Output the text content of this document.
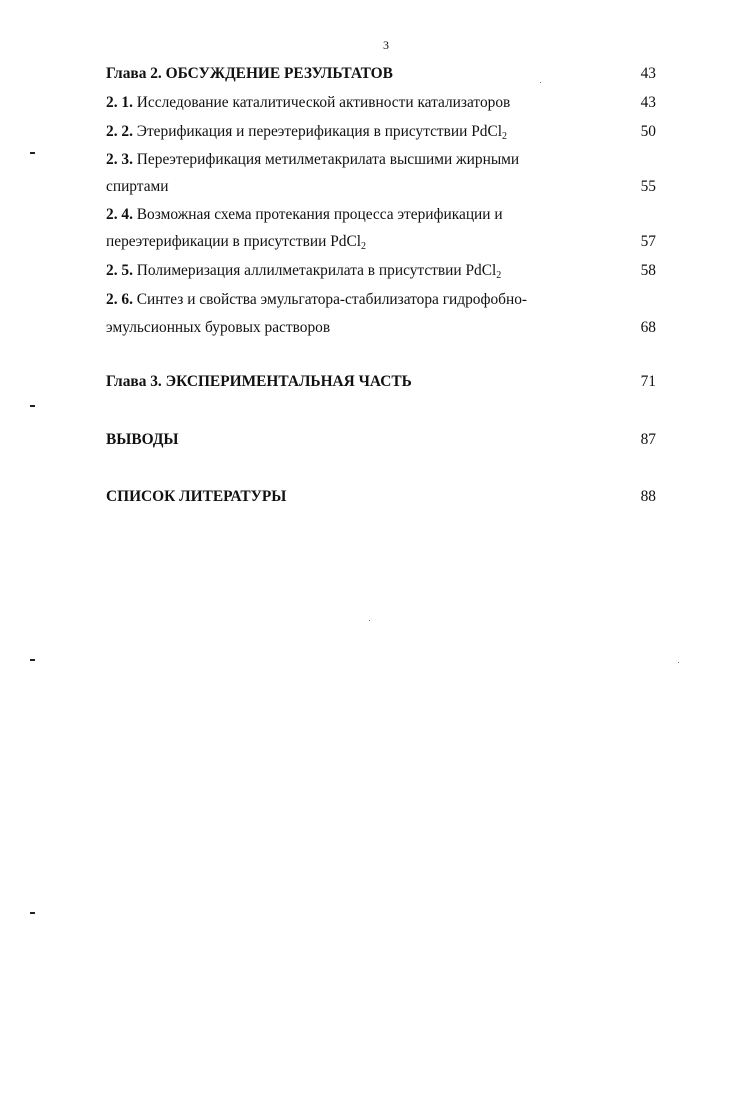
3
Глава 2. ОБСУЖДЕНИЕ РЕЗУЛЬТАТОВ	43
2. 1. Исследование каталитической активности катализаторов	43
2. 2. Этерификация и переэтерификация в присутствии PdCl$_2$	50
2. 3. Переэтерификация метилметакрилата высшими жирными
спиртами	55
2. 4. Возможная схема протекания процесса этерификации и
переэтерификации в присутствии PdCl$_2$	57
2. 5. Полимеризация аллилметакрилата в присутствии PdCl$_2$	58
2. 6. Синтез и свойства эмульгатора-стабилизатора гидрофобно-
эмульсионных буровых растворов	68
Глава 3. ЭКСПЕРИМЕНТАЛЬНАЯ ЧАСТЬ	71
ВЫВОДЫ	87
СПИСОК ЛИТЕРАТУРЫ	88
